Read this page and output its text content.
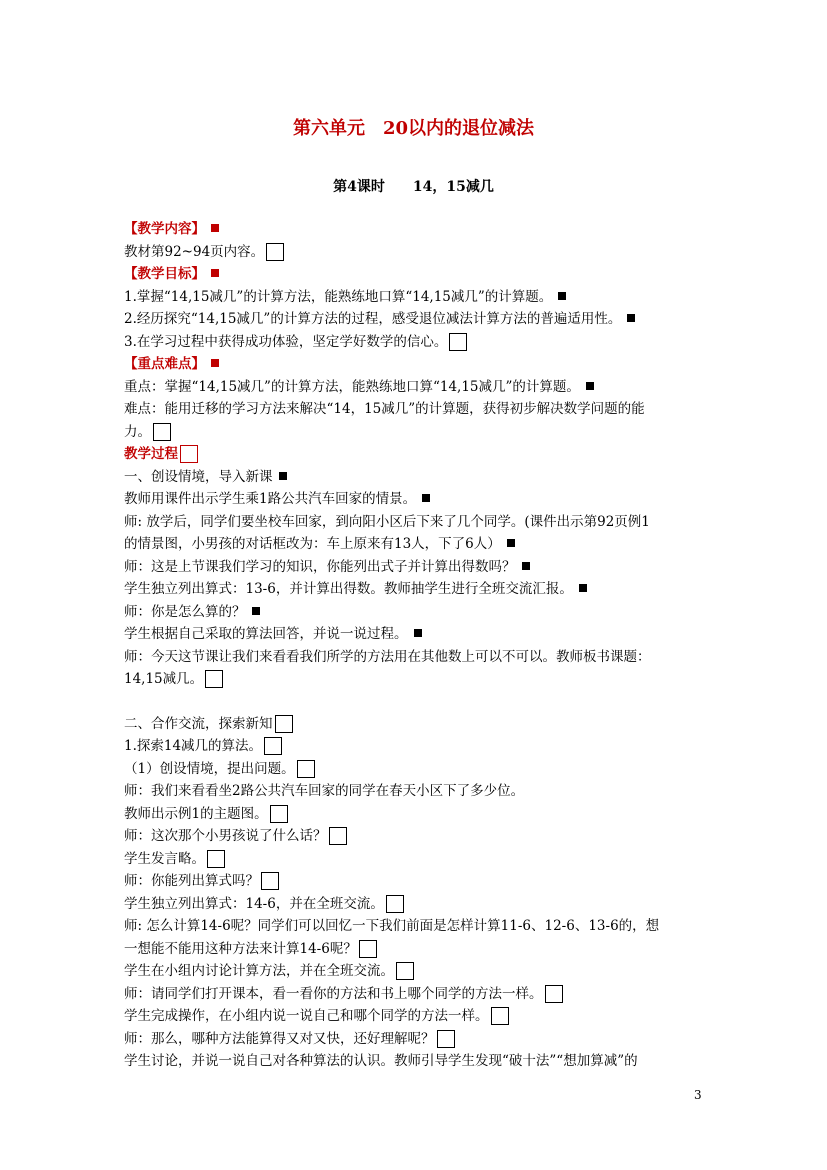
第六单元　20以内的退位减法
第4课时　　14，15减几
【教学内容】
教材第92~94页内容。
【教学目标】
1.掌握“14,15减几”的计算方法，能熟练地口算“14,15减几”的计算题。
2.经历探究“14,15减几”的计算方法的过程，感受退位减法计算方法的普遍适用性。
3.在学习过程中获得成功体验，坚定学好数学的信心。
【重点难点】
重点：掌握“14,15减几”的计算方法，能熟练地口算“14,15减几”的计算题。
难点：能用迁移的学习方法来解决“14，15减几”的计算题，获得初步解决数学问题的能
力。
教学过程
一、创设情境，导入新课
教师用课件出示学生乘1路公共汽车回家的情景。
师: 放学后，同学们要坐校车回家，到向阳小区后下来了几个同学。(课件出示第92页例1
的情景图，小男孩的对话框改为：车上原来有13人，下了6人）
师：这是上节课我们学习的知识，你能列出式子并计算出得数吗？
学生独立列出算式：13-6，并计算出得数。教师抽学生进行全班交流汇报。
师：你是怎么算的？
学生根据自己采取的算法回答，并说一说过程。
师：今天这节课让我们来看看我们所学的方法用在其他数上可以不可以。教师板书课题：
14,15减几。
二、合作交流，探索新知
1.探索14减几的算法。
（1）创设情境，提出问题。
师：我们来看看坐2路公共汽车回家的同学在春天小区下了多少位。
教师出示例1的主题图。
师：这次那个小男孩说了什么话？
学生发言略。
师：你能列出算式吗？
学生独立列出算式：14-6，并在全班交流。
师: 怎么计算14-6呢？同学们可以回忆一下我们前面是怎样计算11-6、12-6、13-6的，想
一想能不能用这种方法来计算14-6呢？
学生在小组内讨论计算方法，并在全班交流。
师：请同学们打开课本，看一看你的方法和书上哪个同学的方法一样。
学生完成操作，在小组内说一说自己和哪个同学的方法一样。
师：那么，哪种方法能算得又对又快，还好理解呢？
学生讨论，并说一说自己对各种算法的认识。教师引导学生发现“破十法”“想加算减”的
3
